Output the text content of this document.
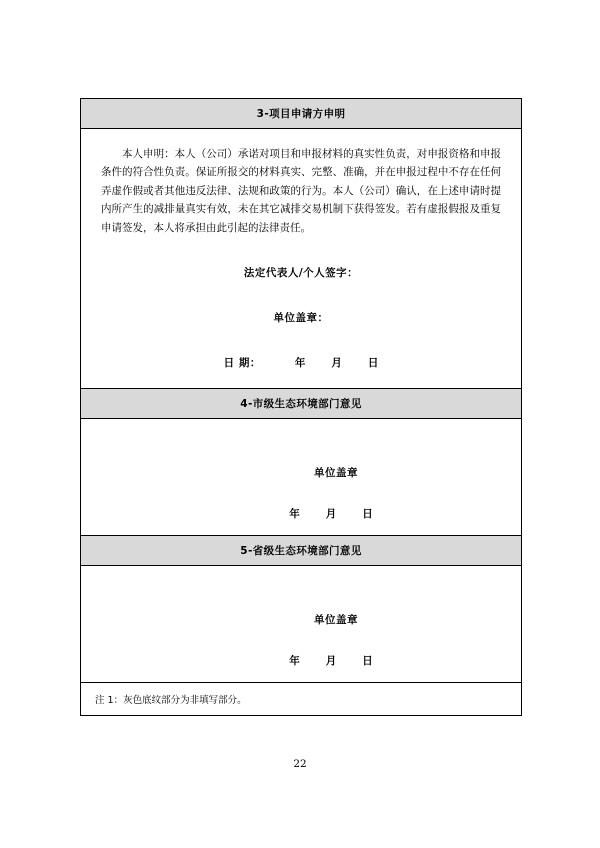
3-项目申请方申明

本人申明：本人（公司）承诺对项目和申报材料的真实性负责，对申报资格和申报条件的符合性负责。保证所报交的材料真实、完整、准确，并在申报过程中不存在任何弄虚作假或者其他违反法律、法规和政策的行为。本人（公司）确认，在上述申请时提内所产生的减排量真实有效，未在其它减排交易机制下获得签发。若有虚报假报及重复申请签发，本人将承担由此引起的法律责任。
法定代表人/个人签字：
单位盖章：
日 期：	年 月 日

4-市级生态环境部门意见

单位盖章
年 月 日

5-省级生态环境部门意见

单位盖章
年 月 日

注 1：灰色底纹部分为非填写部分。
22
